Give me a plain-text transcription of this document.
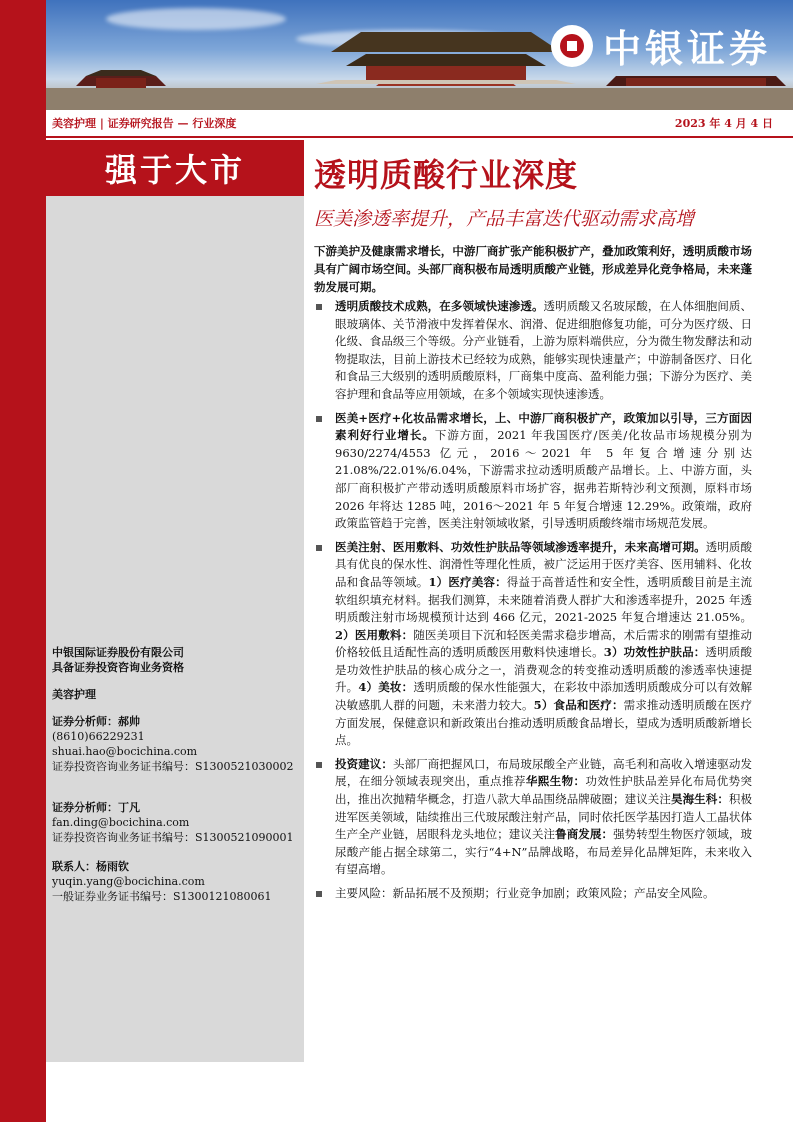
中银证券
美容护理 | 证券研究报告 — 行业深度	2023 年 4 月 4 日
强于大市	透明质酸行业深度
医美渗透率提升，产品丰富迭代驱动需求高增
下游美护及健康需求增长，中游厂商扩张产能积极扩产，叠加政策利好，透明质酸市场具有广阔市场空间。头部厂商积极布局透明质酸产业链，形成差异化竞争格局，未来蓬勃发展可期。
透明质酸技术成熟，在多领域快速渗透。透明质酸又名玻尿酸，在人体细胞间质、眼玻璃体、关节滑液中发挥着保水、润滑、促进细胞修复功能，可分为医疗级、日化级、食品级三个等级。分产业链看，上游为原料端供应，分为微生物发酵法和动物提取法，目前上游技术已经较为成熟，能够实现快速量产；中游制备医疗、日化和食品三大级别的透明质酸原料，厂商集中度高、盈利能力强；下游分为医疗、美容护理和食品等应用领域，在多个领域实现快速渗透。
医美+医疗+化妆品需求增长，上、中游厂商积极扩产，政策加以引导，三方面因素利好行业增长。下游方面，2021 年我国医疗/医美/化妆品市场规模分别为 9630/2274/4553 亿元，2016～2021 年 5 年复合增速分别达 21.08%/22.01%/6.04%，下游需求拉动透明质酸产品增长。上、中游方面，头部厂商积极扩产带动透明质酸原料市场扩容，据弗若斯特沙利文预测，原料市场 2026 年将达 1285 吨，2016～2021 年 5 年复合增速 12.29%。政策端，政府政策监管趋于完善，医美注射领域收紧，引导透明质酸终端市场规范发展。
医美注射、医用敷料、功效性护肤品等领域渗透率提升，未来高增可期。透明质酸具有优良的保水性、润滑性等理化性质，被广泛运用于医疗美容、医用辅料、化妆品和食品等领域。1）医疗美容：得益于高普适性和安全性，透明质酸目前是主流软组织填充材料。据我们测算，未来随着消费人群扩大和渗透率提升，2025 年透明质酸注射市场规模预计达到 466 亿元，2021-2025 年复合增速达 21.05%。2）医用敷料：随医美项目下沉和轻医美需求稳步增高，术后需求的刚需有望推动价格较低且适配性高的透明质酸医用敷料快速增长。3）功效性护肤品：透明质酸是功效性护肤品的核心成分之一，消费观念的转变推动透明质酸的渗透率快速提升。4）美妆：透明质酸的保水性能强大，在彩妆中添加透明质酸成分可以有效解决敏感肌人群的问题，未来潜力较大。5）食品和医疗：需求推动透明质酸在医疗方面发展，保健意识和新政策出台推动透明质酸食品增长，望成为透明质酸新增长点。
投资建议：头部厂商把握风口，布局玻尿酸全产业链，高毛利和高收入增速驱动发展，在细分领域表现突出，重点推荐华熙生物：功效性护肤品差异化布局优势突出，推出次抛精华概念，打造八款大单品围绕品牌破圈；建议关注昊海生科：积极进军医美领域，陆续推出三代玻尿酸注射产品，同时依托医学基因打造人工晶状体生产全产业链，居眼科龙头地位；建议关注鲁商发展：强势转型生物医疗领域，玻尿酸产能占据全球第二，实行“4+N”品牌战略，布局差异化品牌矩阵，未来收入有望高增。
主要风险：新品拓展不及预期；行业竞争加剧；政策风险；产品安全风险。
中银国际证券股份有限公司
具备证券投资咨询业务资格
美容护理
证券分析师：郝帅
(8610)66229231
shuai.hao@bocichina.com
证券投资咨询业务证书编号：S1300521030002
证券分析师：丁凡
fan.ding@bocichina.com
证券投资咨询业务证书编号：S1300521090001
联系人：杨雨钦
yuqin.yang@bocichina.com
一般证券业务证书编号：S1300121080061
